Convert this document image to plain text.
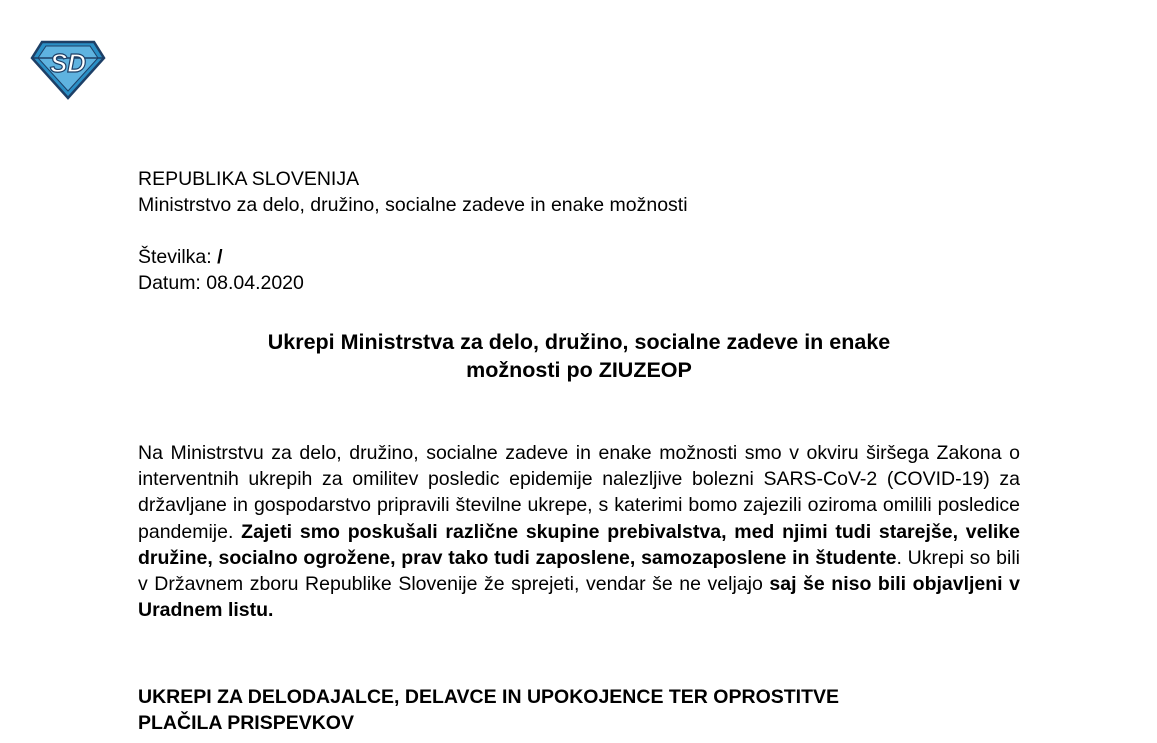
SD
REPUBLIKA SLOVENIJA
Ministrstvo za delo, družino, socialne zadeve in enake možnosti
Številka: /
Datum: 08.04.2020
Ukrepi Ministrstva za delo, družino, socialne zadeve in enake
možnosti po ZIUZEOP
Na Ministrstvu za delo, družino, socialne zadeve in enake možnosti smo v okviru širšega Zakona o interventnih ukrepih za omilitev posledic epidemije nalezljive bolezni SARS-CoV-2 (COVID-19) za državljane in gospodarstvo pripravili številne ukrepe, s katerimi bomo zajezili oziroma omilili posledice pandemije. Zajeti smo poskušali različne skupine prebivalstva, med njimi tudi starejše, velike družine, socialno ogrožene, prav tako tudi zaposlene, samozaposlene in študente. Ukrepi so bili v Državnem zboru Republike Slovenije že sprejeti, vendar še ne veljajo saj še niso bili objavljeni v Uradnem listu.
UKREPI ZA DELODAJALCE, DELAVCE IN UPOKOJENCE TER OPROSTITVE
PLAČILA PRISPEVKOV
